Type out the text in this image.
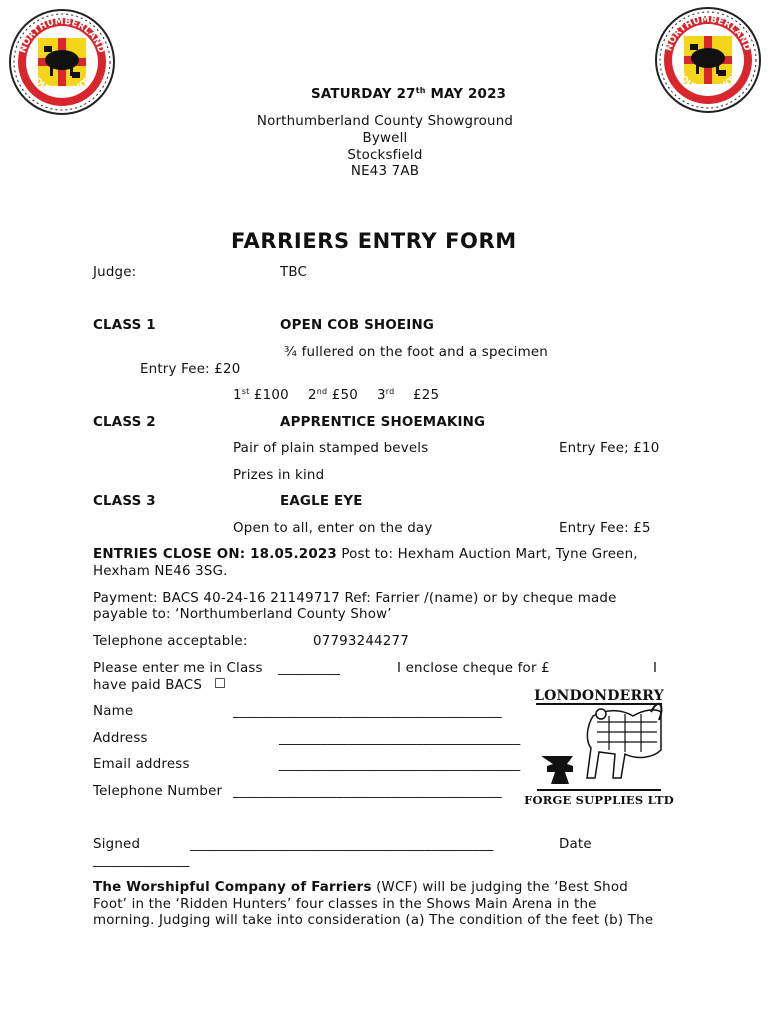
NORTHUMBERLAND
COUNTY SHOW
NORTHUMBERLAND
COUNTY SHOW
SATURDAY 27th MAY 2023
Northumberland County Showground
Bywell
Stocksfield
NE43 7AB
FARRIERS ENTRY FORM
Judge:	TBC
CLASS 1	OPEN COB SHOEING
¾ fullered on the foot and a specimen
Entry Fee: £20
1st £100 2nd £50 3rd £25
CLASS 2	APPRENTICE SHOEMAKING
Pair of plain stamped bevels	Entry Fee; £10
Prizes in kind
CLASS 3	EAGLE EYE
Open to all, enter on the day	Entry Fee: £5
ENTRIES CLOSE ON: 18.05.2023 Post to: Hexham Auction Mart, Tyne Green,
Hexham NE46 3SG.
Payment: BACS 40-24-16 21149717 Ref: Farrier /(name) or by cheque made
payable to: ‘Northumberland County Show’
Telephone acceptable:	07793244277
Please enter me in Class _________	I enclose cheque for £	I
have paid BACS ☐
Name	_______________________________________
Address	___________________________________
Email address	___________________________________
Telephone Number _______________________________________
LONDONDERRY
FORGE SUPPLIES LTD
Signed	____________________________________________	Date
______________
The Worshipful Company of Farriers (WCF) will be judging the ‘Best Shod
Foot’ in the ‘Ridden Hunters’ four classes in the Shows Main Arena in the
morning. Judging will take into consideration (a) The condition of the feet (b) The
